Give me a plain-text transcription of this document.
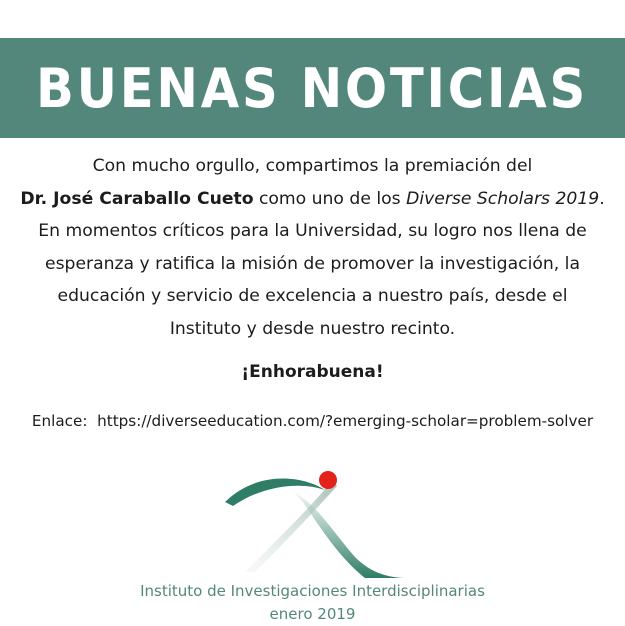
BUENAS NOTICIAS
Con mucho orgullo, compartimos la premiación del
Dr. José Caraballo Cueto como uno de los Diverse Scholars 2019.
En momentos críticos para la Universidad, su logro nos llena de
esperanza y ratifica la misión de promover la investigación, la
educación y servicio de excelencia a nuestro país, desde el
Instituto y desde nuestro recinto.
¡Enhorabuena!
Enlace: https://diverseeducation.com/?emerging-scholar=problem-solver
Instituto de Investigaciones Interdisciplinarias
enero 2019
